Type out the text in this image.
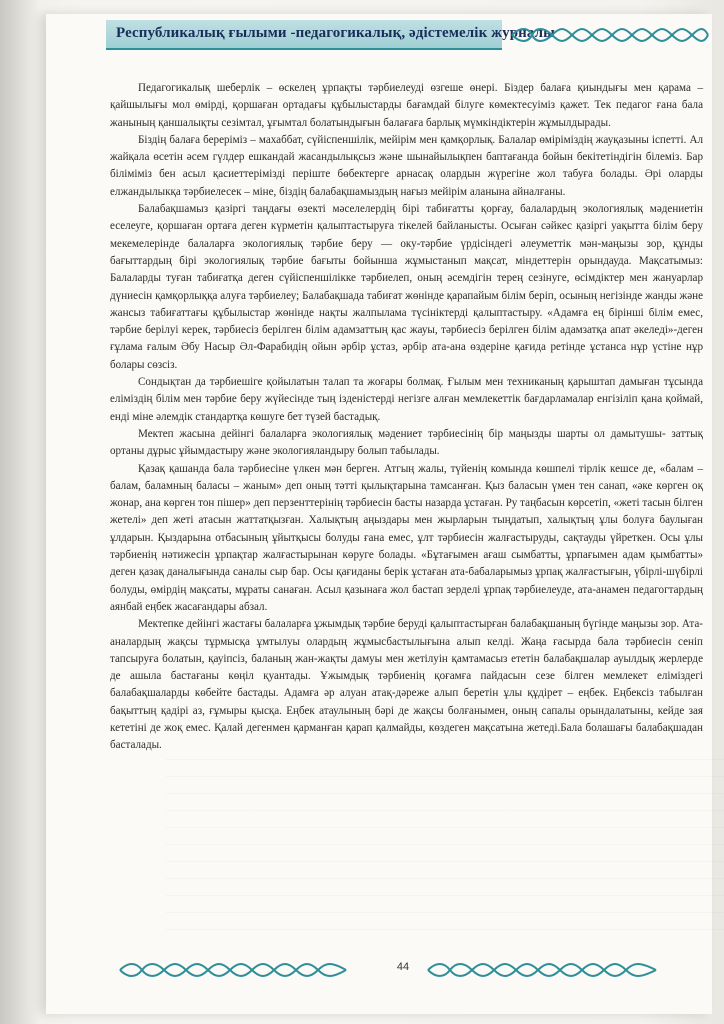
Республикалық ғылыми -педагогикалық, әдістемелік журналы

Педагогикалық шеберлік – өскелең ұрпақты тәрбиелеудi өзгеше өнерi. Біздер балаға қиындығы мен қарама – қайшылығы мол өмiрдi, қоршаған ортадағы құбылыстарды бағамдай білуге көмектесуiміз қажет. Тек педагог ғана бала жанының қаншалықты сезiмтал, ұғымтал болатындығын балағаға барлық мүмкiндiктерiн жұмылдырады.

Біздiң балаға берерiмiз – махаббат, сүйiспеншiлiк, мейiрiм мен қамқорлық. Балалар өмiрiмiздiң жауқазыны iспеттi. Ал жайқала өсетiн әсем гүлдер ешкандай жасандылықсыз және шынайылықпен баптағанда бойын бекітетіндiгiн бiлемiз. Бар бiлiмiмiз бен асыл қасиеттерiмiзді періште бөбектерге арнасақ олардын жүрегiне жол табуға болады. Әрі оларды елжандылыкқа тәрбиелесек – міне, біздің балабақшамыздың нағыз мейiрiм аланына айналғаны.

Балабақшамыз қазiргi таңдағы өзектi мәселелердiң бiрi табиғатты қорғау, балалардың экологиялық мәдениетiн еселеуге, қоршаған ортаға деген күрметiн қалыптастыруға тiкелей байланысты. Осыған сәйкес қазiргi уақытта бiлiм беру мекемелерiнде балаларға экологиялық тәрбие беру — оку-тәрбие үрдiсiндегi әлеуметтiк мән-маңызы зор, құнды бағыттардың бiрi экологиялық тәрбие бағыты бойынша жұмыстанып мақсат, мiндеттерiн орындауда. Мақсатымыз: Балаларды туған табиғатқа деген сүйiспеншiлiкке тәрбиелеп, оның әсемдiгiн терең сезiнуге, өсiмдiктер мен жануарлар дүниесiн қамқорлыққа алуға тәрбиелеу; Балабақшада табиғат жөнiнде қарапайым бiлiм берiп, осының негiзiнде жанды және жансыз табиғаттағы құбылыстар жөнiнде нақты жалпылама түсiнiктердi қалыптастыру. «Адамға ең бiрiншi бiлiм емес, тәрбие берiлуi керек, тәрбиесiз берiлген бiлiм адамзаттың қас жауы, тәрбиесiз берiлген бiлiм адамзатқа апат әкеледi»-деген ғұлама ғалым Әбу Насыр Әл-Фарабидiң ойын әрбiр ұстаз, әрбiр ата-ана өздерiне қағида ретiнде ұстанса нұр үстiне нұр болары сөзсiз.

Сондықтан да тәрбиешiге қойылатын талап та жоғары болмақ. Ғылым мен техниканың қарыштап дамыған тұсында елiмiздiң бiлiм мен тәрбие беру жүйесiнде тың iзденiстердi негiзге алған мемлекеттiк бағдарламалар енгiзiлiп қана қоймай, ендi мiне әлемдiк стандартқа көшуге бет түзей бастадық.

Мектеп жасына дейiнгi балаларға экологиялық мәдениет тәрбиесiнiң бiр маңызды шарты ол дамытушы- заттық ортаны дұрыс ұйымдастыру және экологияландыру болып табылады.

Қазақ қашанда бала тәрбиесiне үлкен мән берген. Атгың жалы, түйенiң комында көшпелi тiрлiк кешсе де, «балам – балам, баламның баласы – жаным» деп оның тәттi қылықтарына тамсанған. Қыз баласын үмен тен санап, «әке көрген оқ жонар, ана көрген тон пiшер» деп перзенттерiнiң тәрбиесiн басты назарда ұстаған. Ру таңбасын көрсетiп, «жетi тасын бiлген жетелi» деп жетi атасын жаттатқызған. Халықтың аңыздары мен жырларын тыңдатып, халықтың ұлы болуға баулыған ұлдарын. Қыздарына отбасының ұйытқысы болуды ғана емес, ұлт тәрбиесiн жалғастыруды, сақтауды үйреткен. Осы ұлы тәрбиенiң нәтижесiн ұрпақтар жалғастырынан көруге болады. «Бұтағымен ағаш сымбатты, ұрпағымен адам қымбатты» деген қазақ даналығында саналы сыр бар. Осы қағиданы берiк ұстаған ата-бабаларымыз ұрпақ жалғастығын, үбiрлi-шүбiрлi болуды, өмiрдiң мақсаты, мұраты санаған. Асыл қазынаға жол бастап зерделi ұрпақ тәрбиелеуде, ата-анамен педагогтардың аянбай еңбек жасағандары абзал.

Мектепке дейiнгi жастағы балаларға ұжымдық тәрбие беруді қалыптастырған балабақшаның бүгiнде маңызы зор. Ата-аналардың жақсы тұрмысқа ұмтылуы олардың жұмысбастылығына алып келдi. Жаңа ғасырда бала тәрбиесiн сенiп тапсыруға болатын, қауiпсiз, баланың жан-жақты дамуы мен жетiлуiн қамтамасыз ететiн балабақшалар ауылдық жерлерде де ашыла бастағаны көңiл қуантады. Ұжымдық тәрбиенiң қоғамға пайдасын сезе бiлген мемлекет елiмiздегi балабақшаларды көбейте бастады. Адамға әр алуан атақ-дәреже алып беретiн ұлы құдiрет – еңбек. Еңбексiз табылған бақыттың қадiрi аз, ғұмыры қысқа. Еңбек атаулының бәрi де жақсы болғанымен, оның сапалы орындалатыны, кейде зая кететiнi де жоқ емес. Қалай дегенмен қарманған қарап қалмайды, көздеген мақсатына жетедi.Бала болашағы балабақшадан басталады.

44
